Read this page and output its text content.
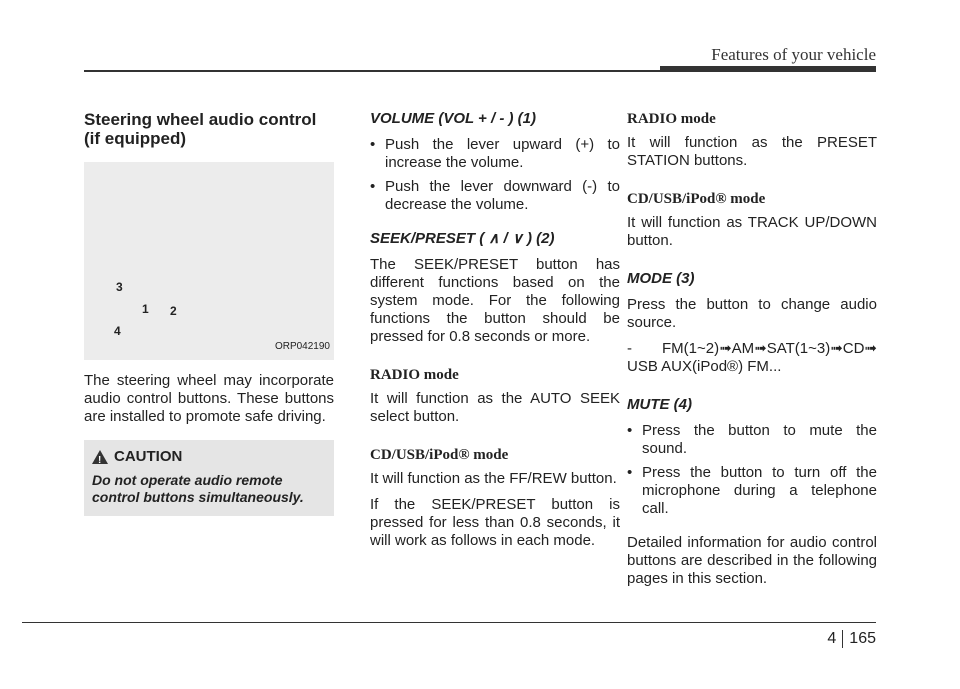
Features of your vehicle
Steering wheel audio control
(if equipped)
3
1 2
4
ORP042190

The steering wheel may incorporate audio control buttons. These buttons are installed to promote safe driving.

!
CAUTION
Do not operate audio remote control buttons simultaneously.
VOLUME (VOL + / - ) (1)
• Push the lever upward (+) to increase the volume.
• Push the lever downward (-) to decrease the volume.
SEEK/PRESET ( ∧ / ∨ ) (2)

The SEEK/PRESET button has different functions based on the system mode. For the following functions the button should be pressed for 0.8 seconds or more.

RADIO mode

It will function as the AUTO SEEK select button.

CD/USB/iPod® mode

It will function as the FF/REW button.

If the SEEK/PRESET button is pressed for less than 0.8 seconds, it will work as follows in each mode.

RADIO mode

It will function as the PRESET STATION buttons.

CD/USB/iPod® mode

It will function as TRACK UP/DOWN button.

MODE (3)

Press the button to change audio source.

- FM(1~2)➟AM➟SAT(1~3)➟CD➟ USB AUX(iPod®) FM...

MUTE (4)
• Press the button to mute the sound.
• Press the button to turn off the microphone during a telephone call.

Detailed information for audio control buttons are described in the following pages in this section.

4 165
